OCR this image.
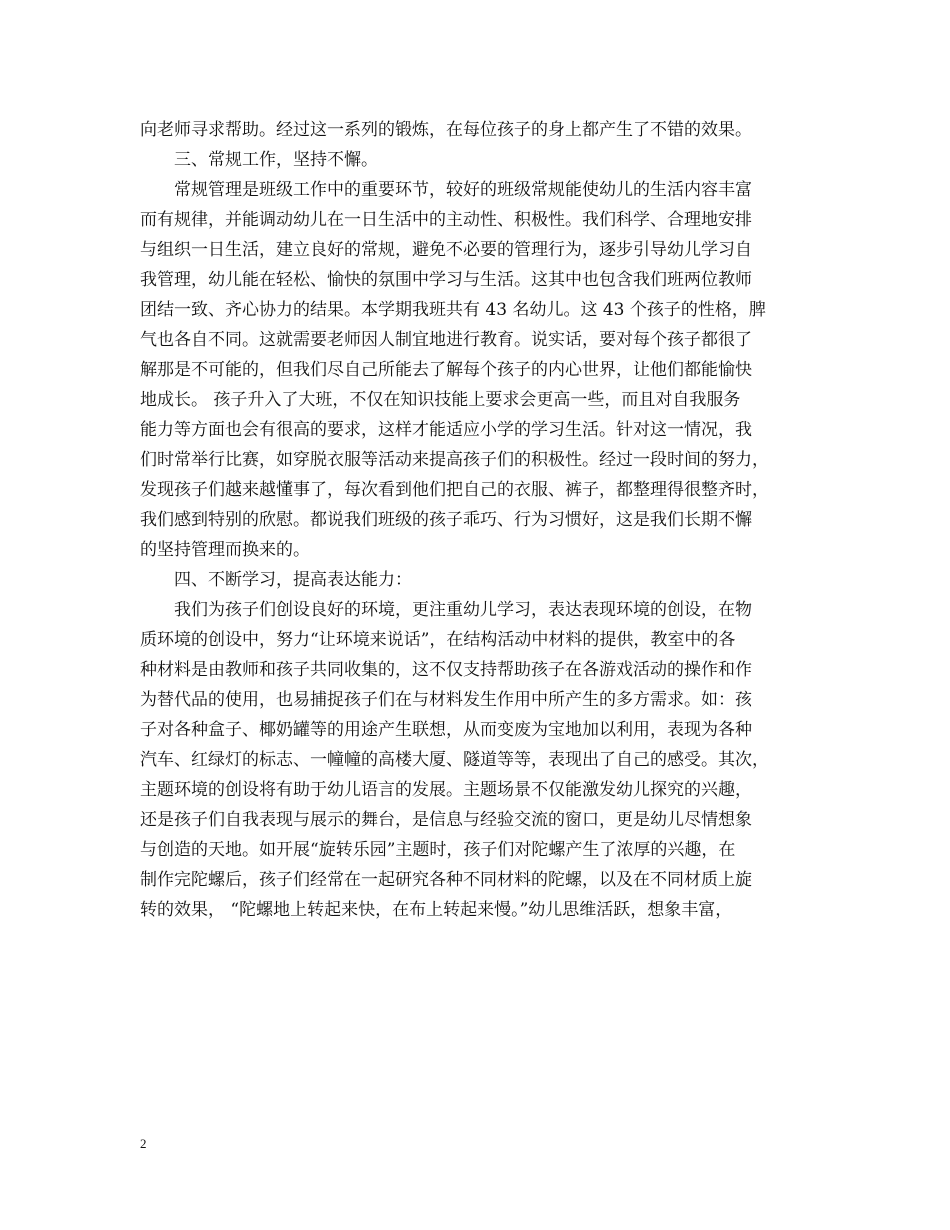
向老师寻求帮助。经过这一系列的锻炼，在每位孩子的身上都产生了不错的效果。
　　三、常规工作，坚持不懈。
　　常规管理是班级工作中的重要环节，较好的班级常规能使幼儿的生活内容丰富
而有规律，并能调动幼儿在一日生活中的主动性、积极性。我们科学、合理地安排
与组织一日生活，建立良好的常规，避免不必要的管理行为，逐步引导幼儿学习自
我管理，幼儿能在轻松、愉快的氛围中学习与生活。这其中也包含我们班两位教师
团结一致、齐心协力的结果。本学期我班共有 43 名幼儿。这 43 个孩子的性格，脾
气也各自不同。这就需要老师因人制宜地进行教育。说实话，要对每个孩子都很了
解那是不可能的，但我们尽自己所能去了解每个孩子的内心世界，让他们都能愉快
地成长。 孩子升入了大班，不仅在知识技能上要求会更高一些，而且对自我服务
能力等方面也会有很高的要求，这样才能适应小学的学习生活。针对这一情况，我
们时常举行比赛，如穿脱衣服等活动来提高孩子们的积极性。经过一段时间的努力，
发现孩子们越来越懂事了，每次看到他们把自己的衣服、裤子，都整理得很整齐时，
我们感到特别的欣慰。都说我们班级的孩子乖巧、行为习惯好，这是我们长期不懈
的坚持管理而换来的。
　　四、不断学习，提高表达能力：
　　我们为孩子们创设良好的环境，更注重幼儿学习，表达表现环境的创设，在物
质环境的创设中，努力“让环境来说话”，在结构活动中材料的提供，教室中的各
种材料是由教师和孩子共同收集的，这不仅支持帮助孩子在各游戏活动的操作和作
为替代品的使用，也易捕捉孩子们在与材料发生作用中所产生的多方需求。如：孩
子对各种盒子、椰奶罐等的用途产生联想，从而变废为宝地加以利用，表现为各种
汽车、红绿灯的标志、一幢幢的高楼大厦、隧道等等，表现出了自己的感受。其次，
主题环境的创设将有助于幼儿语言的发展。主题场景不仅能激发幼儿探究的兴趣，
还是孩子们自我表现与展示的舞台，是信息与经验交流的窗口，更是幼儿尽情想象
与创造的天地。如开展“旋转乐园”主题时，孩子们对陀螺产生了浓厚的兴趣，在
制作完陀螺后，孩子们经常在一起研究各种不同材料的陀螺，以及在不同材质上旋
转的效果， “陀螺地上转起来快，在布上转起来慢。”幼儿思维活跃，想象丰富，
2
